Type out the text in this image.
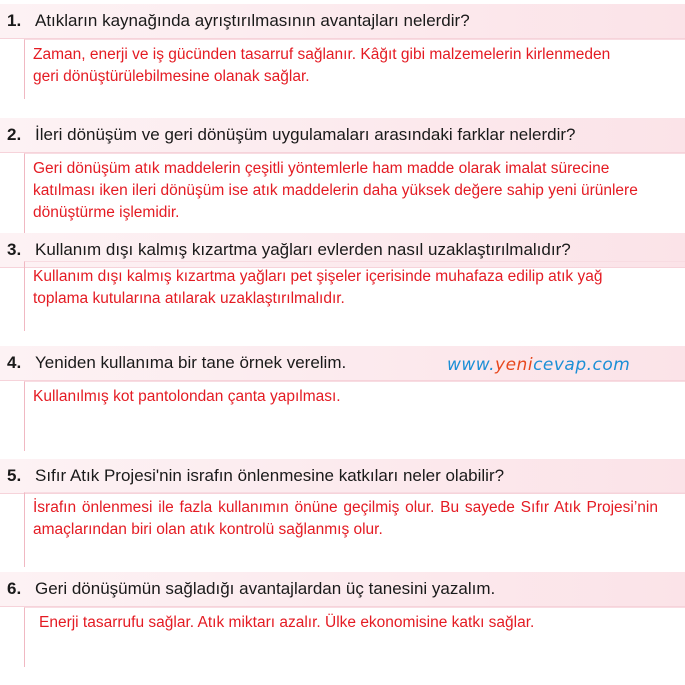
1. Atıkların kaynağında ayrıştırılmasının avantajları nelerdir?

Zaman, enerji ve iş gücünden tasarruf sağlanır. Kâğıt gibi malzemelerin kirlenmeden geri dönüştürülebilmesine olanak sağlar.

2. İleri dönüşüm ve geri dönüşüm uygulamaları arasındaki farklar nelerdir?

Geri dönüşüm atık maddelerin çeşitli yöntemlerle ham madde olarak imalat sürecine katılması iken ileri dönüşüm ise atık maddelerin daha yüksek değere sahip yeni ürünlere dönüştürme işlemidir.

3. Kullanım dışı kalmış kızartma yağları evlerden nasıl uzaklaştırılmalıdır?

Kullanım dışı kalmış kızartma yağları pet şişeler içerisinde muhafaza edilip atık yağ toplama kutularına atılarak uzaklaştırılmalıdır.

4. Yeniden kullanıma bir tane örnek verelim.

Kullanılmış kot pantolondan çanta yapılması.

5. Sıfır Atık Projesi'nin israfın önlenmesine katkıları neler olabilir?

İsrafın önlenmesi ile fazla kullanımın önüne geçilmiş olur. Bu sayede Sıfır Atık Projesi’nin amaçlarından biri olan atık kontrolü sağlanmış olur.

6. Geri dönüşümün sağladığı avantajlardan üç tanesini yazalım.

Enerji tasarrufu sağlar. Atık miktarı azalır. Ülke ekonomisine katkı sağlar.

www.yenicevap.com
